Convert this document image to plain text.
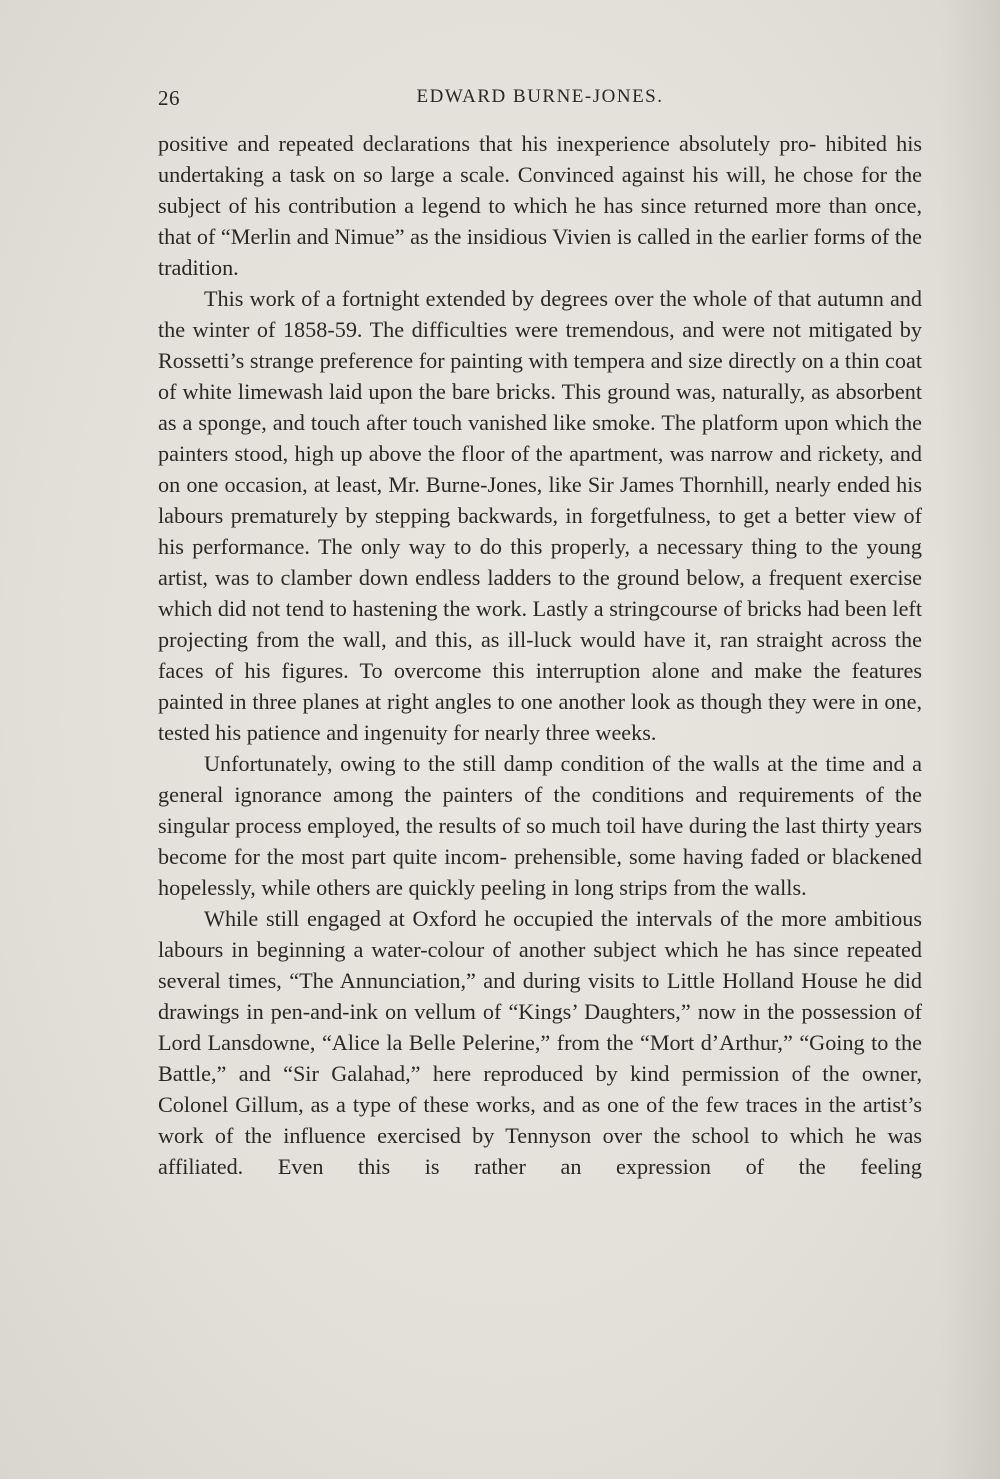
26	EDWARD BURNE-JONES.

positive and repeated declarations that his inexperience absolutely pro- hibited his undertaking a task on so large a scale. Convinced against his will, he chose for the subject of his contribution a legend to which he has since returned more than once, that of “Merlin and Nimue” as the insidious Vivien is called in the earlier forms of the tradition.

This work of a fortnight extended by degrees over the whole of that autumn and the winter of 1858-59. The difficulties were tremendous, and were not mitigated by Rossetti’s strange preference for painting with tempera and size directly on a thin coat of white limewash laid upon the bare bricks. This ground was, naturally, as absorbent as a sponge, and touch after touch vanished like smoke. The platform upon which the painters stood, high up above the floor of the apartment, was narrow and rickety, and on one occasion, at least, Mr. Burne-Jones, like Sir James Thornhill, nearly ended his labours prematurely by stepping backwards, in forgetfulness, to get a better view of his performance. The only way to do this properly, a necessary thing to the young artist, was to clamber down endless ladders to the ground below, a frequent exercise which did not tend to hastening the work. Lastly a stringcourse of bricks had been left projecting from the wall, and this, as ill-luck would have it, ran straight across the faces of his figures. To overcome this interruption alone and make the features painted in three planes at right angles to one another look as though they were in one, tested his patience and ingenuity for nearly three weeks.

Unfortunately, owing to the still damp condition of the walls at the time and a general ignorance among the painters of the conditions and requirements of the singular process employed, the results of so much toil have during the last thirty years become for the most part quite incom- prehensible, some having faded or blackened hopelessly, while others are quickly peeling in long strips from the walls.

While still engaged at Oxford he occupied the intervals of the more ambitious labours in beginning a water-colour of another subject which he has since repeated several times, “The Annunciation,” and during visits to Little Holland House he did drawings in pen-and-ink on vellum of “Kings’ Daughters,” now in the possession of Lord Lansdowne, “Alice la Belle Pelerine,” from the “Mort d’Arthur,” “Going to the Battle,” and “Sir Galahad,” here reproduced by kind permission of the owner, Colonel Gillum, as a type of these works, and as one of the few traces in the artist’s work of the influence exercised by Tennyson over the school to which he was affiliated. Even this is rather an expression of the feeling
